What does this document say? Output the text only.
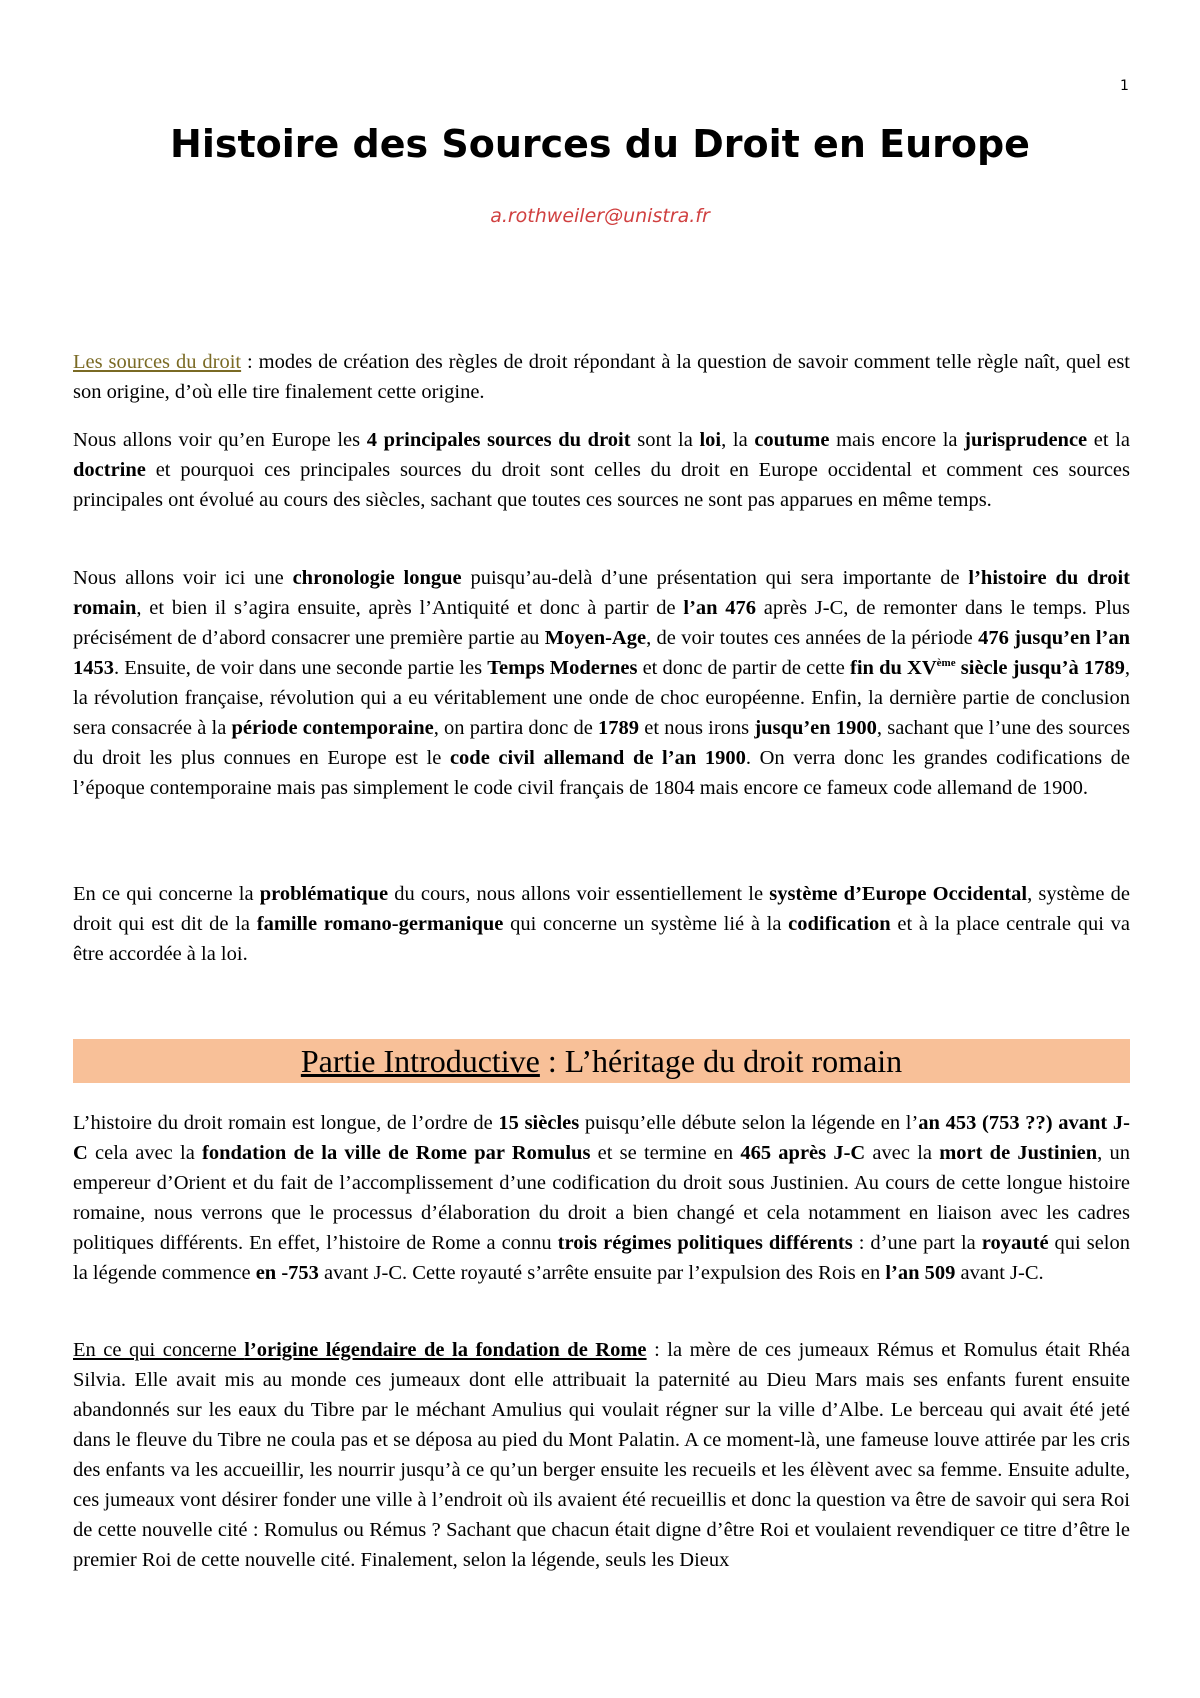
1
Histoire des Sources du Droit en Europe
a.rothweiler@unistra.fr

Les sources du droit : modes de création des règles de droit répondant à la question de savoir comment telle règle naît, quel est son origine, d’où elle tire finalement cette origine.

Nous allons voir qu’en Europe les 4 principales sources du droit sont la loi, la coutume mais encore la jurisprudence et la doctrine et pourquoi ces principales sources du droit sont celles du droit en Europe occidental et comment ces sources principales ont évolué au cours des siècles, sachant que toutes ces sources ne sont pas apparues en même temps.

Nous allons voir ici une chronologie longue puisqu’au-delà d’une présentation qui sera importante de l’histoire du droit romain, et bien il s’agira ensuite, après l’Antiquité et donc à partir de l’an 476 après J-C, de remonter dans le temps. Plus précisément de d’abord consacrer une première partie au Moyen-Age, de voir toutes ces années de la période 476 jusqu’en l’an 1453. Ensuite, de voir dans une seconde partie les Temps Modernes et donc de partir de cette fin du XVème siècle jusqu’à 1789, la révolution française, révolution qui a eu véritablement une onde de choc européenne. Enfin, la dernière partie de conclusion sera consacrée à la période contemporaine, on partira donc de 1789 et nous irons jusqu’en 1900, sachant que l’une des sources du droit les plus connues en Europe est le code civil allemand de l’an 1900. On verra donc les grandes codifications de l’époque contemporaine mais pas simplement le code civil français de 1804 mais encore ce fameux code allemand de 1900.

En ce qui concerne la problématique du cours, nous allons voir essentiellement le système d’Europe Occidental, système de droit qui est dit de la famille romano-germanique qui concerne un système lié à la codification et à la place centrale qui va être accordée à la loi.

Partie Introductive : L’héritage du droit romain

L’histoire du droit romain est longue, de l’ordre de 15 siècles puisqu’elle débute selon la légende en l’an 453 (753 ??) avant J-C cela avec la fondation de la ville de Rome par Romulus et se termine en 465 après J-C avec la mort de Justinien, un empereur d’Orient et du fait de l’accomplissement d’une codification du droit sous Justinien. Au cours de cette longue histoire romaine, nous verrons que le processus d’élaboration du droit a bien changé et cela notamment en liaison avec les cadres politiques différents. En effet, l’histoire de Rome a connu trois régimes politiques différents : d’une part la royauté qui selon la légende commence en -753 avant J-C. Cette royauté s’arrête ensuite par l’expulsion des Rois en l’an 509 avant J-C.

En ce qui concerne l’origine légendaire de la fondation de Rome : la mère de ces jumeaux Rémus et Romulus était Rhéa Silvia. Elle avait mis au monde ces jumeaux dont elle attribuait la paternité au Dieu Mars mais ses enfants furent ensuite abandonnés sur les eaux du Tibre par le méchant Amulius qui voulait régner sur la ville d’Albe. Le berceau qui avait été jeté dans le fleuve du Tibre ne coula pas et se déposa au pied du Mont Palatin. A ce moment-là, une fameuse louve attirée par les cris des enfants va les accueillir, les nourrir jusqu’à ce qu’un berger ensuite les recueils et les élèvent avec sa femme. Ensuite adulte, ces jumeaux vont désirer fonder une ville à l’endroit où ils avaient été recueillis et donc la question va être de savoir qui sera Roi de cette nouvelle cité : Romulus ou Rémus ? Sachant que chacun était digne d’être Roi et voulaient revendiquer ce titre d’être le premier Roi de cette nouvelle cité. Finalement, selon la légende, seuls les Dieux
